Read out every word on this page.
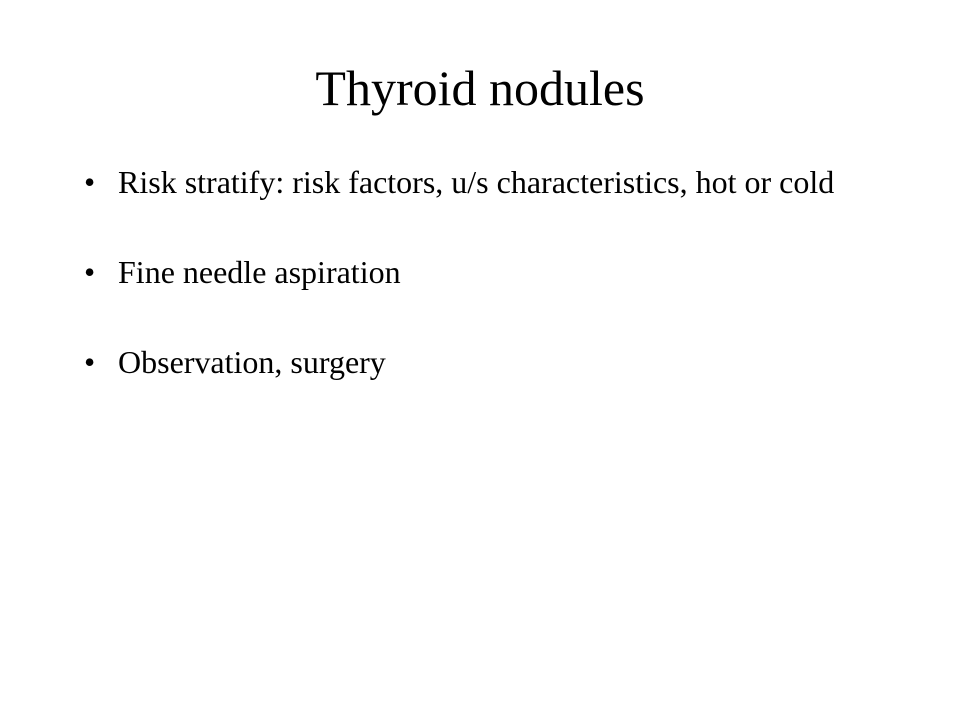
Thyroid nodules
• Risk stratify: risk factors, u/s characteristics, hot or cold
• Fine needle aspiration
• Observation, surgery
